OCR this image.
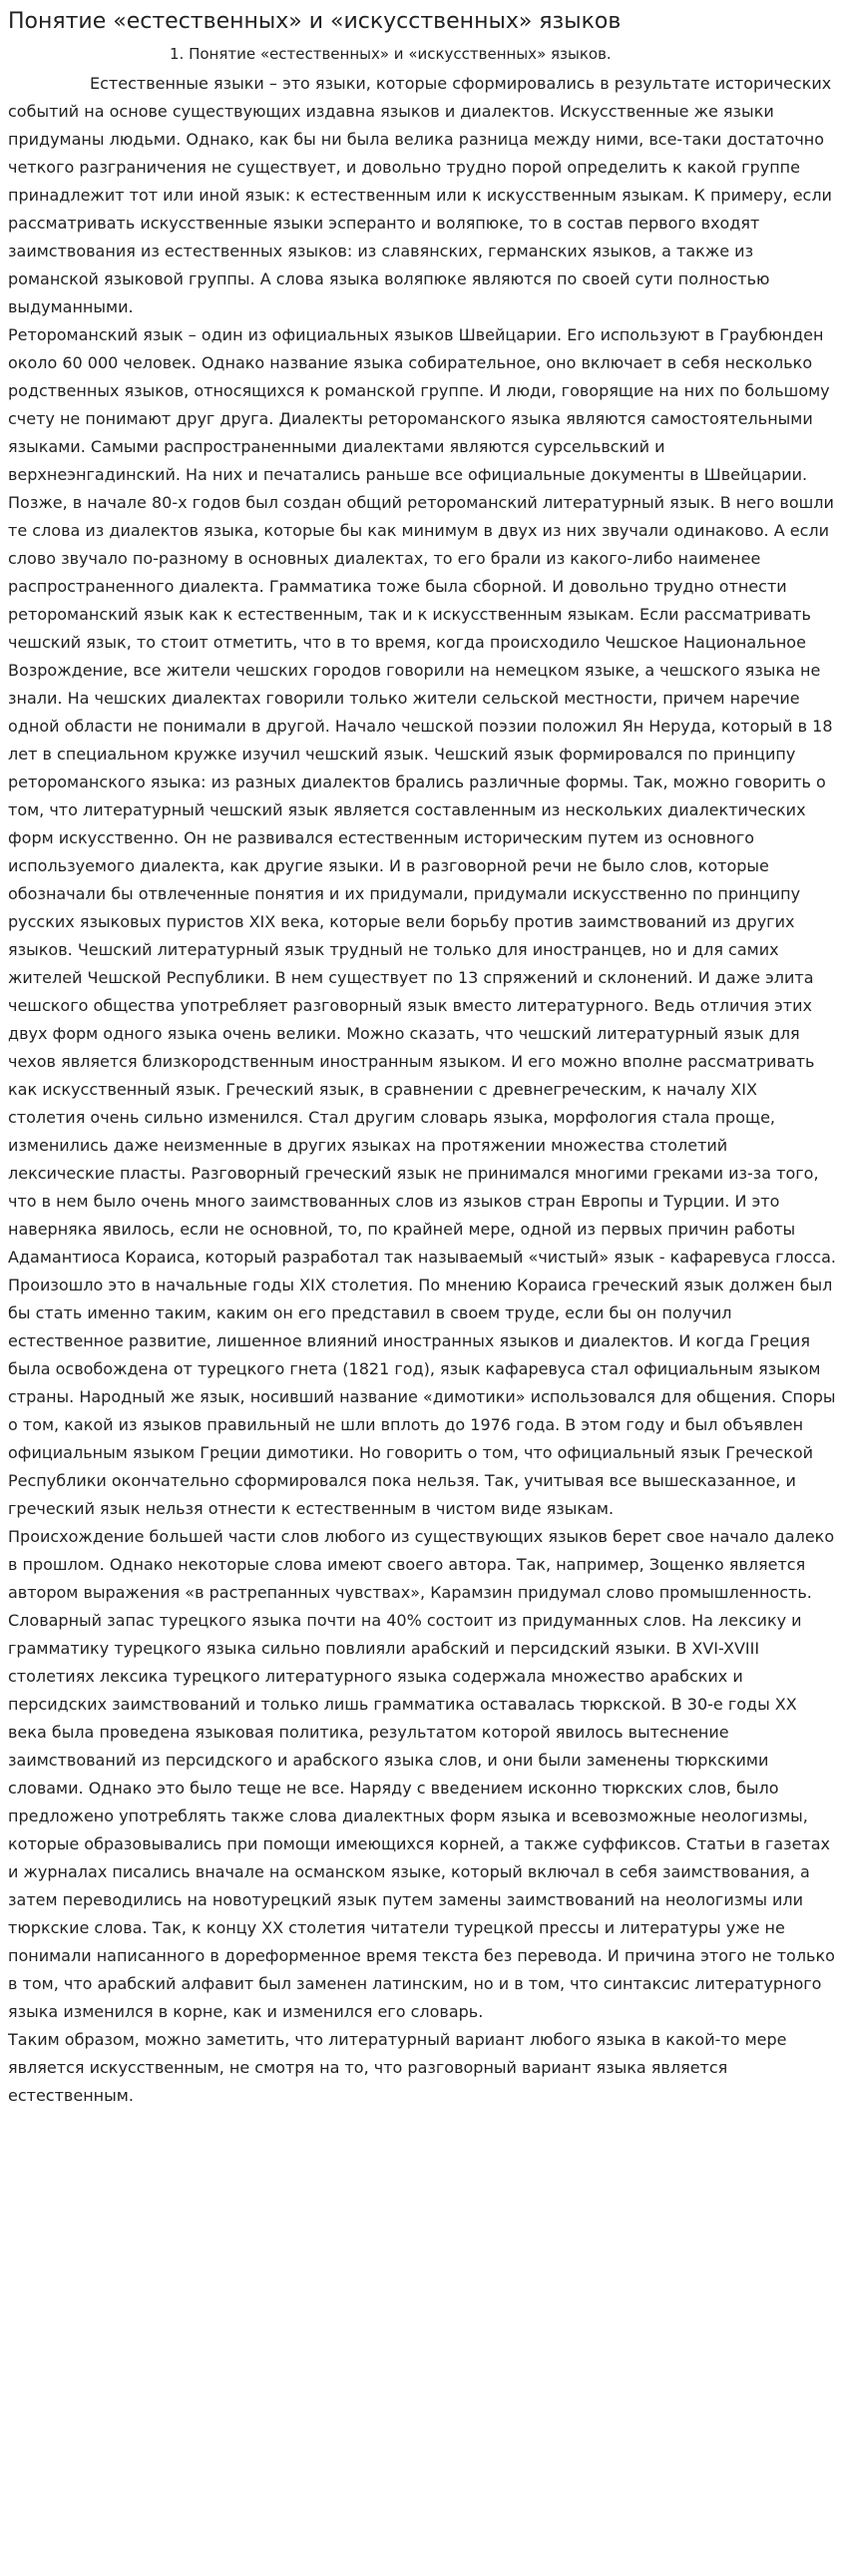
Понятие «естественных» и «искусственных» языков
1. Понятие «естественных» и «искусственных» языков.

Естественные языки – это языки, которые сформировались в результате исторических событий на основе существующих издавна языков и диалектов. Искусственные же языки придуманы людьми. Однако, как бы ни была велика разница между ними, все-таки достаточно четкого разграничения не существует, и довольно трудно порой определить к какой группе принадлежит тот или иной язык: к естественным или к искусственным языкам. К примеру, если рассматривать искусственные языки эсперанто и воляпюке, то в состав первого входят заимствования из естественных языков: из славянских, германских языков, а также из романской языковой группы. А слова языка воляпюке являются по своей сути полностью выдуманными.

Ретороманский язык – один из официальных языков Швейцарии. Его используют в Граубюнден около 60 000 человек. Однако название языка собирательное, оно включает в себя несколько родственных языков, относящихся к романской группе. И люди, говорящие на них по большому счету не понимают друг друга. Диалекты ретороманского языка являются самостоятельными языками. Самыми распространенными диалектами являются сурсельвский и верхнеэнгадинский. На них и печатались раньше все официальные документы в Швейцарии. Позже, в начале 80-х годов был создан общий ретороманский литературный язык. В него вошли те слова из диалектов языка, которые бы как минимум в двух из них звучали одинаково. А если слово звучало по-разному в основных диалектах, то его брали из какого-либо наименее распространенного диалекта. Грамматика тоже была сборной. И довольно трудно отнести ретороманский язык как к естественным, так и к искусственным языкам. Если рассматривать чешский язык, то стоит отметить, что в то время, когда происходило Чешское Национальное Возрождение, все жители чешских городов говорили на немецком языке, а чешского языка не знали. На чешских диалектах говорили только жители сельской местности, причем наречие одной области не понимали в другой. Начало чешской поэзии положил Ян Неруда, который в 18 лет в специальном кружке изучил чешский язык. Чешский язык формировался по принципу ретороманского языка: из разных диалектов брались различные формы. Так, можно говорить о том, что литературный чешский язык является составленным из нескольких диалектических форм искусственно. Он не развивался естественным историческим путем из основного используемого диалекта, как другие языки. И в разговорной речи не было слов, которые обозначали бы отвлеченные понятия и их придумали, придумали искусственно по принципу русских языковых пуристов XIX века, которые вели борьбу против заимствований из других языков. Чешский литературный язык трудный не только для иностранцев, но и для самих жителей Чешской Республики. В нем существует по 13 спряжений и склонений. И даже элита чешского общества употребляет разговорный язык вместо литературного. Ведь отличия этих двух форм одного языка очень велики. Можно сказать, что чешский литературный язык для чехов является близкородственным иностранным языком. И его можно вполне рассматривать как искусственный язык. Греческий язык, в сравнении с древнегреческим, к началу XIX столетия очень сильно изменился. Стал другим словарь языка, морфология стала проще, изменились даже неизменные в других языках на протяжении множества столетий лексические пласты. Разговорный греческий язык не принимался многими греками из-за того, что в нем было очень много заимствованных слов из языков стран Европы и Турции. И это наверняка явилось, если не основной, то, по крайней мере, одной из первых причин работы Адамантиоса Кораиса, который разработал так называемый «чистый» язык - кафаревуса глосса. Произошло это в начальные годы XIX столетия. По мнению Кораиса греческий язык должен был бы стать именно таким, каким он его представил в своем труде, если бы он получил естественное развитие, лишенное влияний иностранных языков и диалектов. И когда Греция была освобождена от турецкого гнета (1821 год), язык кафаревуса стал официальным языком страны. Народный же язык, носивший название «димотики» использовался для общения. Споры о том, какой из языков правильный не шли вплоть до 1976 года. В этом году и был объявлен официальным языком Греции димотики. Но говорить о том, что официальный язык Греческой Республики окончательно сформировался пока нельзя. Так, учитывая все вышесказанное, и греческий язык нельзя отнести к естественным в чистом виде языкам.

Происхождение большей части слов любого из существующих языков берет свое начало далеко в прошлом. Однако некоторые слова имеют своего автора. Так, например, Зощенко является автором выражения «в растрепанных чувствах», Карамзин придумал слово промышленность. Словарный запас турецкого языка почти на 40% состоит из придуманных слов. На лексику и грамматику турецкого языка сильно повлияли арабский и персидский языки. В XVI-XVIII столетиях лексика турецкого литературного языка содержала множество арабских и персидских заимствований и только лишь грамматика оставалась тюркской. В 30-е годы XX века была проведена языковая политика, результатом которой явилось вытеснение заимствований из персидского и арабского языка слов, и они были заменены тюркскими словами. Однако это было теще не все. Наряду с введением исконно тюркских слов, было предложено употреблять также слова диалектных форм языка и всевозможные неологизмы, которые образовывались при помощи имеющихся корней, а также суффиксов. Статьи в газетах и журналах писались вначале на османском языке, который включал в себя заимствования, а затем переводились на новотурецкий язык путем замены заимствований на неологизмы или тюркские слова. Так, к концу XX столетия читатели турецкой прессы и литературы уже не понимали написанного в дореформенное время текста без перевода. И причина этого не только в том, что арабский алфавит был заменен латинским, но и в том, что синтаксис литературного языка изменился в корне, как и изменился его словарь.

Таким образом, можно заметить, что литературный вариант любого языка в какой-то мере является искусственным, не смотря на то, что разговорный вариант языка является естественным.
